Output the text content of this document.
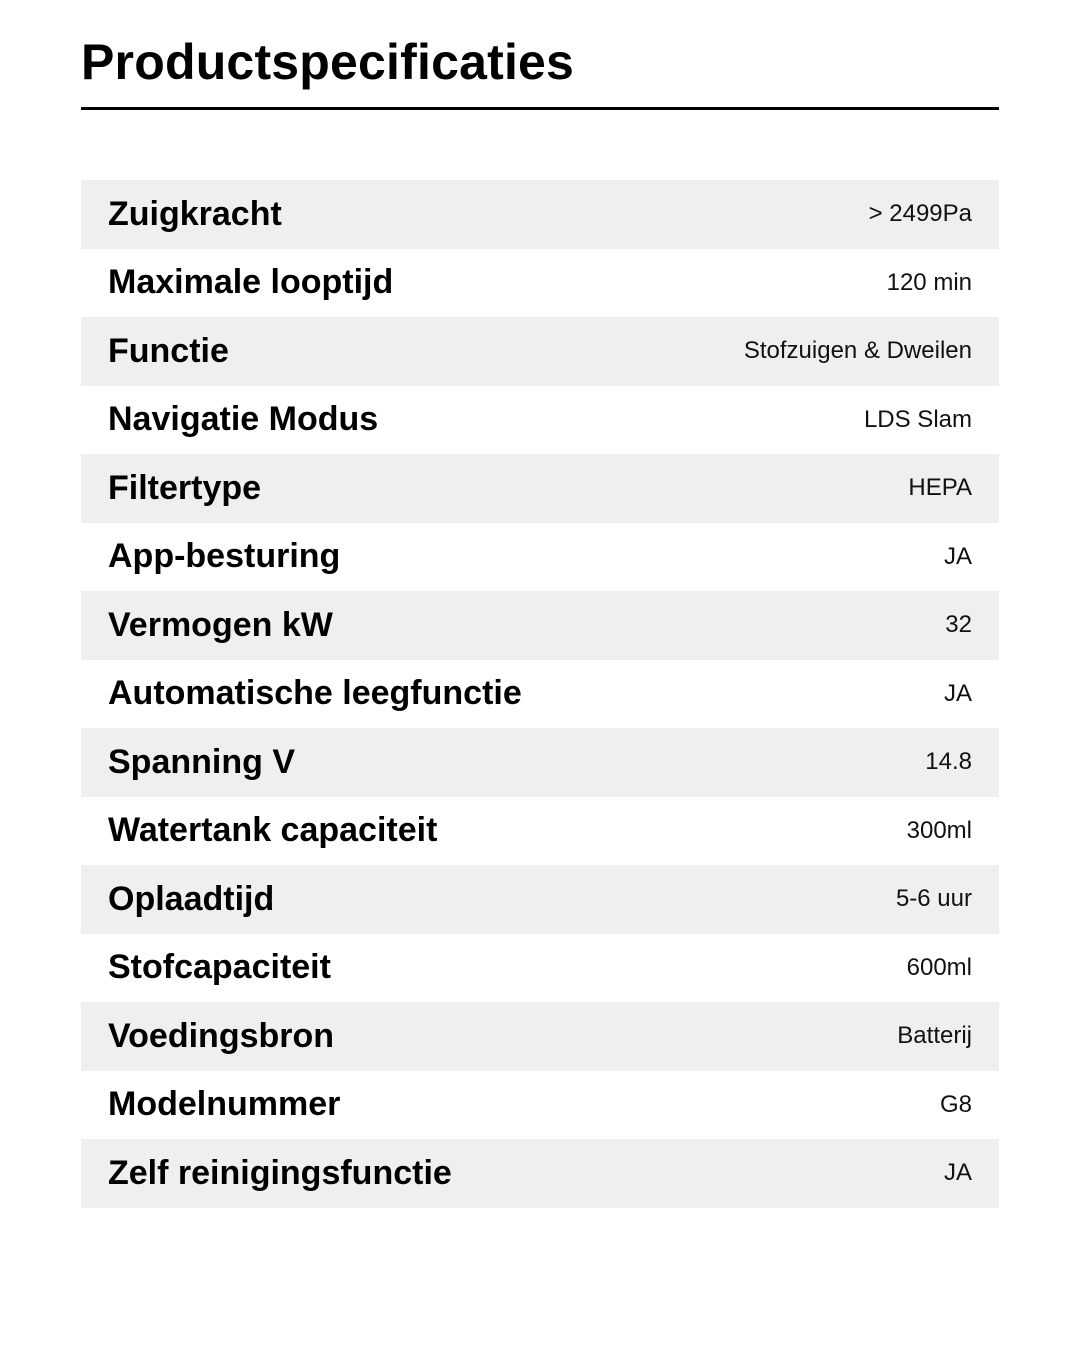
Productspecificaties
Zuigkracht	> 2499Pa
Maximale looptijd	120 min
Functie	Stofzuigen & Dweilen
Navigatie Modus	LDS Slam
Filtertype	HEPA
App-besturing	JA
Vermogen kW	32
Automatische leegfunctie	JA
Spanning V	14.8
Watertank capaciteit	300ml
Oplaadtijd	5-6 uur
Stofcapaciteit	600ml
Voedingsbron	Batterij
Modelnummer	G8
Zelf reinigingsfunctie	JA
